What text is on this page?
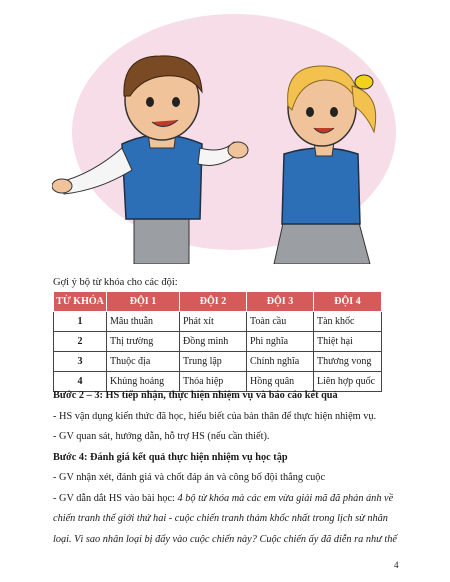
Gợi ý bộ từ khóa cho các đội:
TỪ KHÓA	ĐỘI 1	ĐỘI 2	ĐỘI 3	ĐỘI 4
1	Mâu thuẫn	Phát xít	Toàn cầu	Tàn khốc
2	Thị trường	Đồng minh	Phi nghĩa	Thiệt hại
3	Thuộc địa	Trung lập	Chính nghĩa	Thương vong
4	Khủng hoảng	Thỏa hiệp	Hồng quân	Liên hợp quốc

Bước 2 – 3: HS tiếp nhận, thực hiện nhiệm vụ và báo cáo kết quả

- HS vận dụng kiến thức đã học, hiểu biết của bản thân để thực hiện nhiệm vụ.

- GV quan sát, hướng dẫn, hỗ trợ HS (nếu cần thiết).

Bước 4: Đánh giá kết quả thực hiện nhiệm vụ học tập

- GV nhận xét, đánh giá và chốt đáp án và công bố đội thắng cuộc

- GV dẫn dắt HS vào bài học: 4 bộ từ khóa mà các em vừa giải mã đã phản ánh về chiến tranh thế giới thứ hai - cuộc chiến tranh thảm khốc nhất trong lịch sử nhân loại. Vì sao nhân loại bị đẩy vào cuộc chiến này? Cuộc chiến ấy đã diễn ra như thế

4
